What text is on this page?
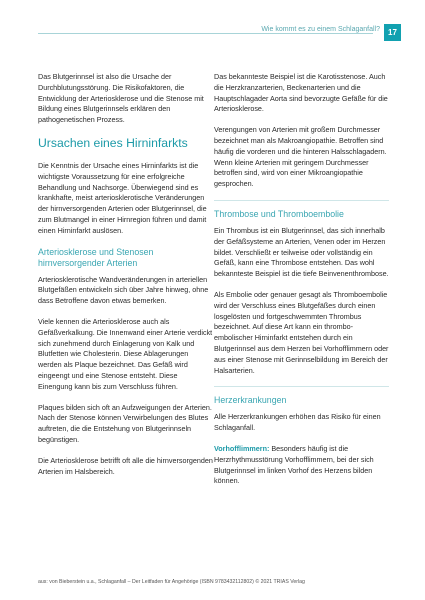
Wie kommt es zu einem Schlaganfall?	17

Das Blutgerinnsel ist also die Ursache der Durchblutungsstörung. Die Risikofaktoren, die Entwicklung der Arteriosklerose und die Stenose mit Bildung eines Blutgerinnsels erklären den pathogenetischen Prozess.

Ursachen eines Hirninfarkts

Die Kenntnis der Ursache eines Hirninfarkts ist die wichtigste Voraussetzung für eine erfolgreiche Behandlung und Nachsorge. Überwiegend sind es krankhafte, meist arteriosklerotische Veränderungen der hirnversorgenden Arterien oder Blutgerinnsel, die zum Blutmangel in einer Hirnregion führen und damit einen Hirninfarkt auslösen.

Arteriosklerose und Stenosen hirnversorgender Arterien

Arteriosklerotische Wandveränderungen in arteriellen Blutgefäßen entwickeln sich über Jahre hinweg, ohne dass Betroffene davon etwas bemerken.

Viele kennen die Arteriosklerose auch als Gefäßverkalkung. Die Innenwand einer Arterie verdickt sich zunehmend durch Einlagerung von Kalk und Blutfetten wie Cholesterin. Diese Ablagerungen werden als Plaque bezeichnet. Das Gefäß wird eingeengt und eine Stenose entsteht. Diese Einengung kann bis zum Verschluss führen.

Plaques bilden sich oft an Aufzweigungen der Arterien. Nach der Stenose können Verwirbelungen des Blutes auftreten, die die Entstehung von Blutgerinnseln begünstigen.

Die Arteriosklerose betrifft oft alle die hirnversorgenden Arterien im Halsbereich.

Das bekannteste Beispiel ist die Karotisstenose. Auch die Herzkranzarterien, Beckenarterien und die Hauptschlagader Aorta sind bevorzugte Gefäße für die Arteriosklerose.

Verengungen von Arterien mit großem Durchmesser bezeichnet man als Makroangiopathie. Betroffen sind häufig die vorderen und die hinteren Halsschlagadern. Wenn kleine Arterien mit geringem Durchmesser betroffen sind, wird von einer Mikroangiopathie gesprochen.

Thrombose und Thromboembolie

Ein Thrombus ist ein Blutgerinnsel, das sich innerhalb der Gefäßsysteme an Arterien, Venen oder im Herzen bildet. Verschließt er teilweise oder vollständig ein Gefäß, kann eine Thrombose entstehen. Das wohl bekannteste Beispiel ist die tiefe Beinvenenthrombose.

Als Embolie oder genauer gesagt als Thromboembolie wird der Verschluss eines Blutgefäßes durch einen losgelösten und fortgeschwemmten Thrombus bezeichnet. Auf diese Art kann ein thrombo-embolischer Hirninfarkt entstehen durch ein Blutgerinnsel aus dem Herzen bei Vorhofflimmern oder aus einer Stenose mit Gerinnselbildung im Bereich der Halsarterien.

Herzerkrankungen

Alle Herzerkrankungen erhöhen das Risiko für einen Schlaganfall.

Vorhofflimmern: Besonders häufig ist die Herzrhythmusstörung Vorhofflimmern, bei der sich Blutgerinnsel im linken Vorhof des Herzens bilden können.

aus: von Bieberstein u.a., Schlaganfall – Der Leitfaden für Angehörige (ISBN 9783432112802) © 2021 TRIAS Verlag
